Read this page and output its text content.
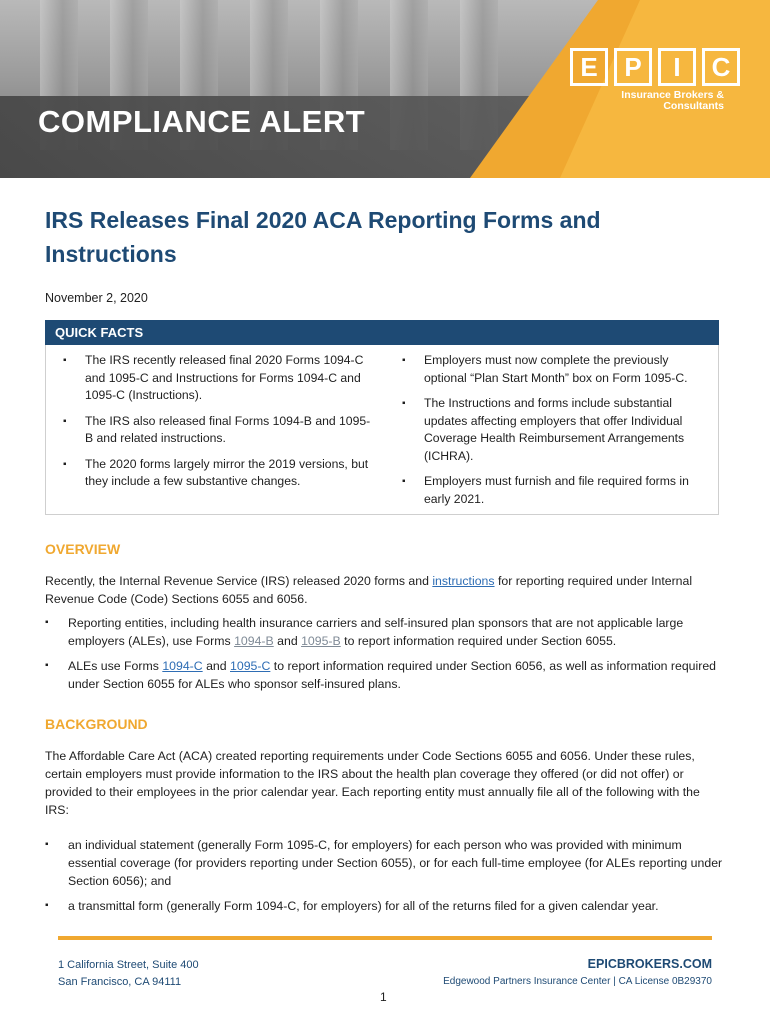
COMPLIANCE ALERT
E	P	I	C
Insurance Brokers &
Consultants
IRS Releases Final 2020 ACA Reporting Forms and Instructions
November 2, 2020
QUICK FACTS
▪ The IRS recently released final 2020 Forms 1094-C and 1095-C and Instructions for Forms 1094-C and 1095-C (Instructions).
▪ The IRS also released final Forms 1094-B and 1095-B and related instructions.
▪ The 2020 forms largely mirror the 2019 versions, but they include a few substantive changes.
▪ Employers must now complete the previously optional “Plan Start Month” box on Form 1095-C.
▪ The Instructions and forms include substantial updates affecting employers that offer Individual Coverage Health Reimbursement Arrangements (ICHRA).
▪ Employers must furnish and file required forms in early 2021.
OVERVIEW
Recently, the Internal Revenue Service (IRS) released 2020 forms and instructions for reporting required under Internal Revenue Code (Code) Sections 6055 and 6056.
▪ Reporting entities, including health insurance carriers and self-insured plan sponsors that are not applicable large employers (ALEs), use Forms 1094-B and 1095-B to report information required under Section 6055.
▪ ALEs use Forms 1094-C and 1095-C to report information required under Section 6056, as well as information required under Section 6055 for ALEs who sponsor self-insured plans.
BACKGROUND
The Affordable Care Act (ACA) created reporting requirements under Code Sections 6055 and 6056. Under these rules, certain employers must provide information to the IRS about the health plan coverage they offered (or did not offer) or provided to their employees in the prior calendar year. Each reporting entity must annually file all of the following with the IRS:
▪ an individual statement (generally Form 1095-C, for employers) for each person who was provided with minimum essential coverage (for providers reporting under Section 6055), or for each full-time employee (for ALEs reporting under Section 6056); and
▪ a transmittal form (generally Form 1094-C, for employers) for all of the returns filed for a given calendar year.
1 California Street, Suite 400
San Francisco, CA 94111
EPICBROKERS.COM
Edgewood Partners Insurance Center | CA License 0B29370
1
